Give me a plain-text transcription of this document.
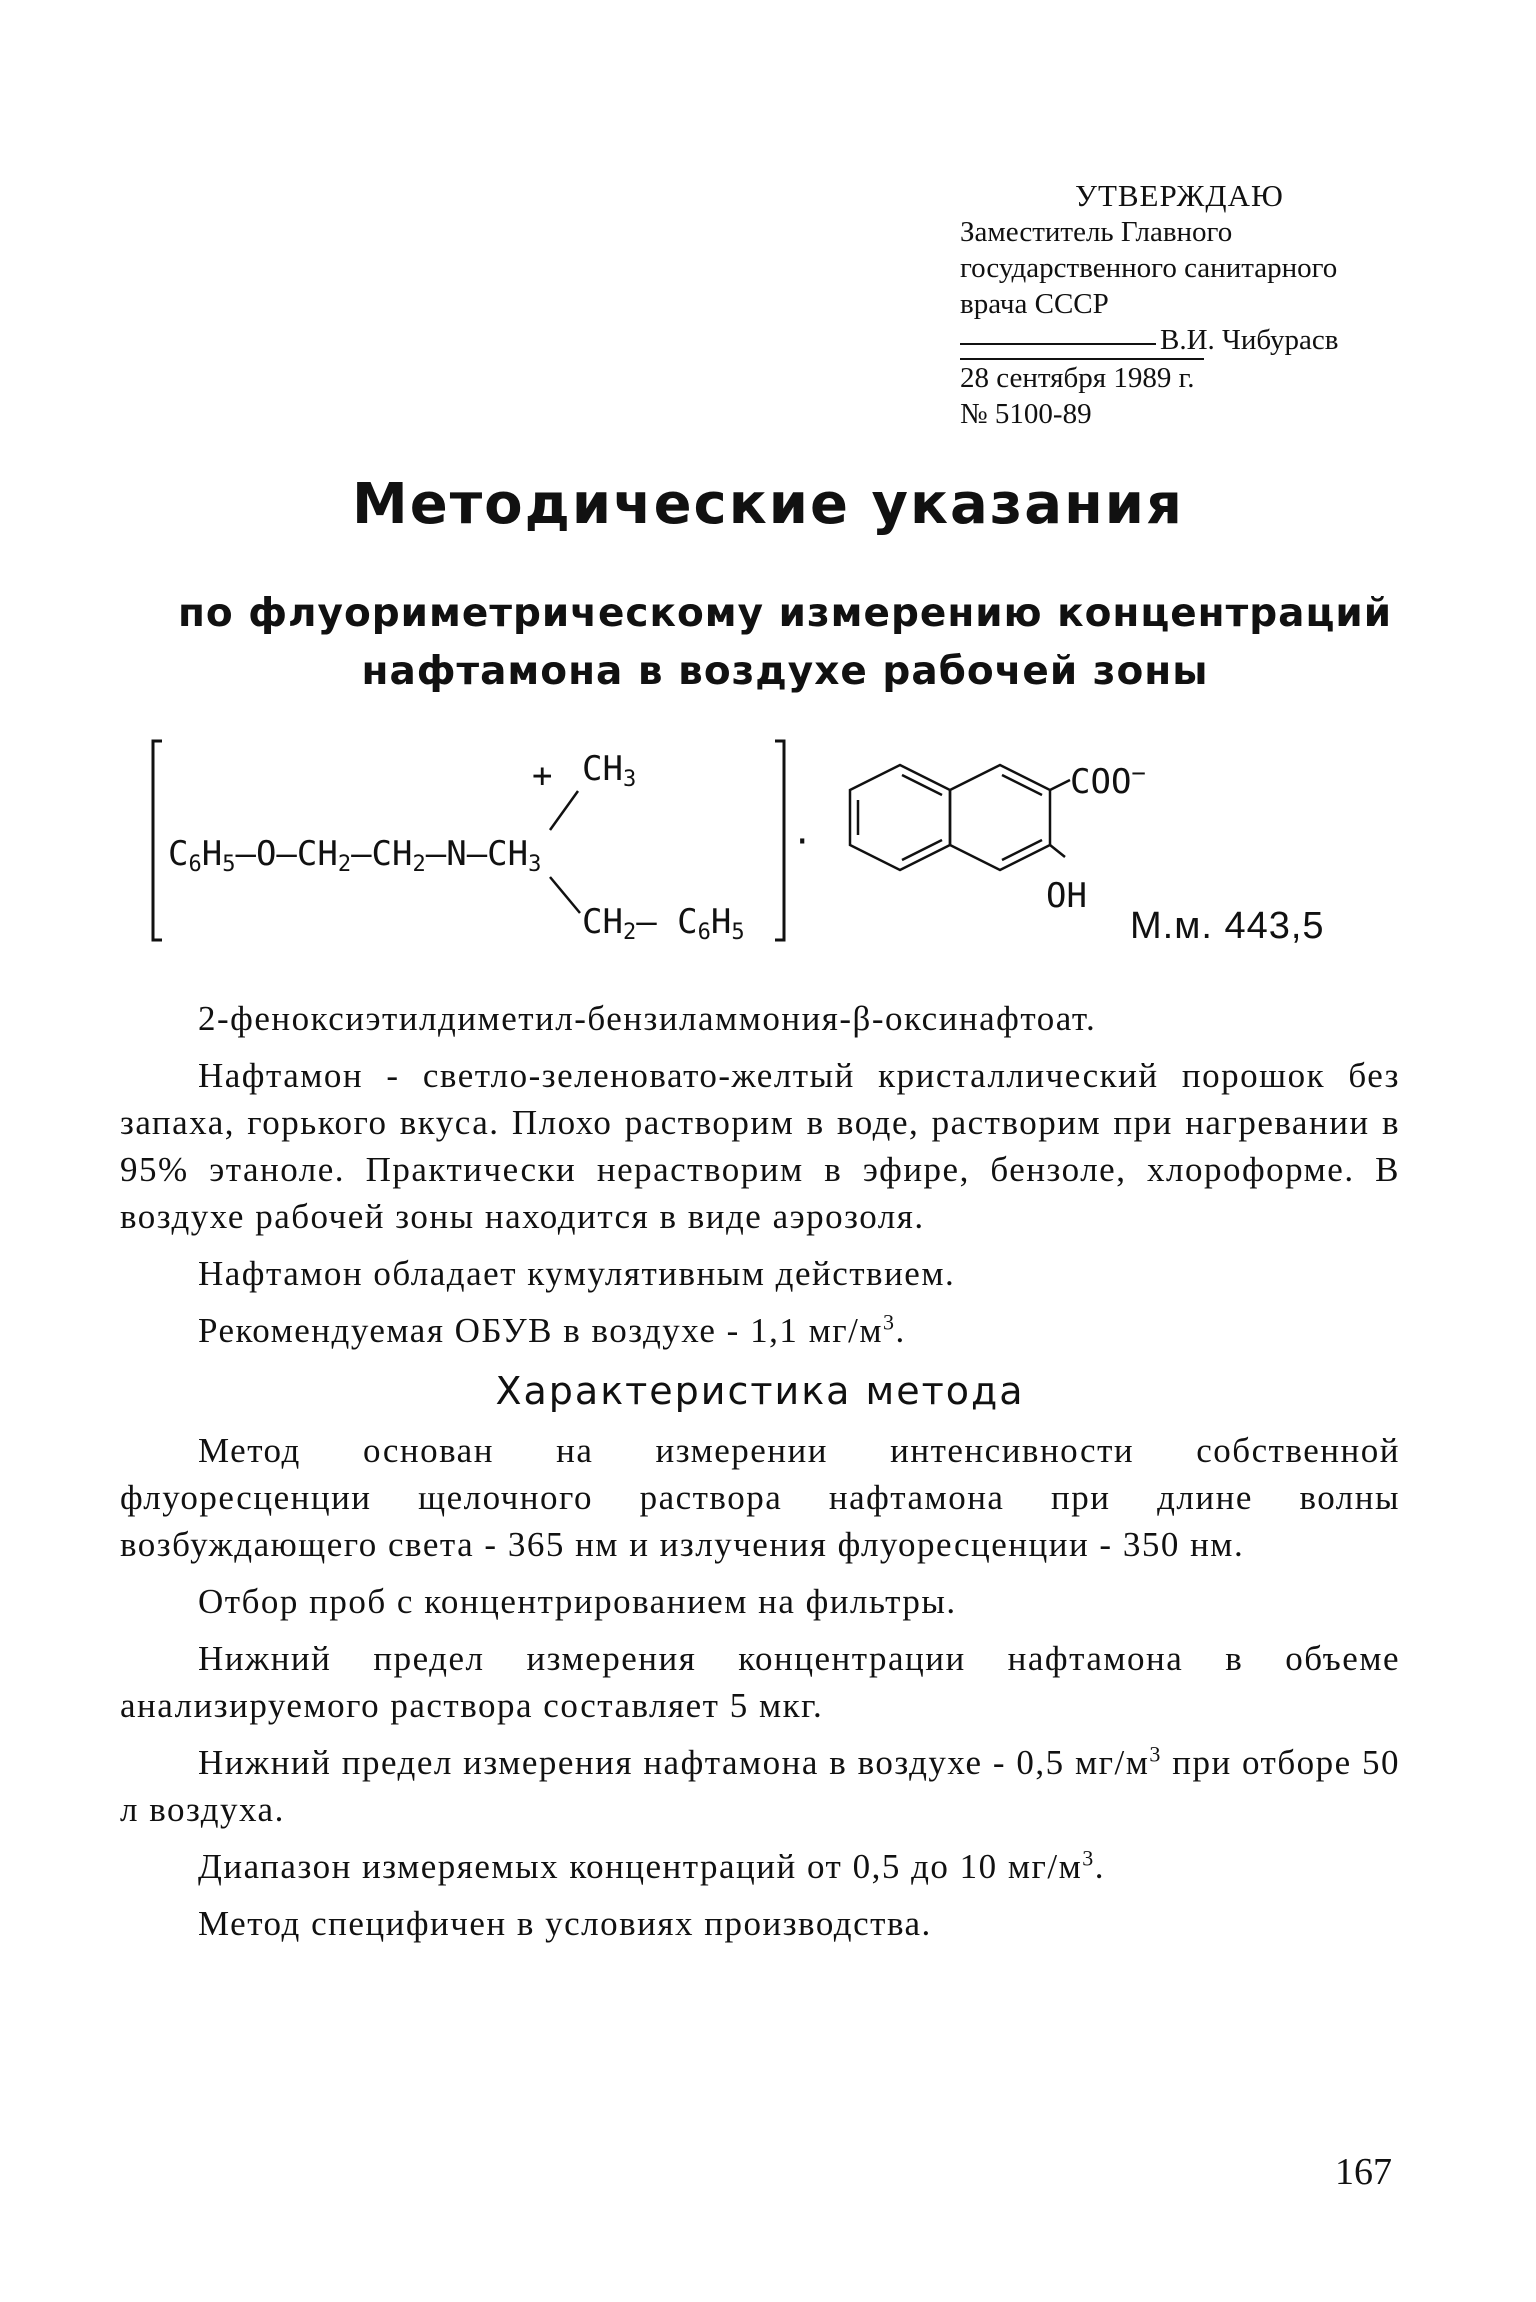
УТВЕРЖДАЮ
Заместитель Главного
государственного санитарного
врача СССР
В.И. Чибурасв
28 сентября 1989 г.
№ 5100-89
Методические указания
по флуориметрическому измерению концентраций
нафтамона в воздухе рабочей зоны
+ CH3
C6H5–O–CH2–CH2–N–CH3
CH2– C6H5
·
COO−
OH
М.м. 443,5

2-феноксиэтилдиметил-бензиламмония-β-оксинафтоат.

Нафтамон - светло-зеленовато-желтый кристаллический порошок без запаха, горького вкуса. Плохо растворим в воде, растворим при нагревании в 95% этаноле. Практически нерастворим в эфире, бензоле, хлороформе. В воздухе рабочей зоны находится в виде аэрозоля.

Нафтамон обладает кумулятивным действием.

Рекомендуемая ОБУВ в воздухе - 1,1 $мг/м^3$.

Характеристика метода

Метод основан на измерении интенсивности собственной флуоресценции щелочного раствора нафтамона при длине волны возбуждающего света - 365 нм и излучения флуоресценции - 350 нм.

Отбор проб с концентрированием на фильтры.

Нижний предел измерения концентрации нафтамона в объеме анализируемого раствора составляет 5 мкг.

Нижний предел измерения нафтамона в воздухе - 0,5 $мг/м^3$ при отборе 50 л воздуха.

Диапазон измеряемых концентраций от 0,5 до 10 $мг/м^3$.

Метод специфичен в условиях производства.

167
